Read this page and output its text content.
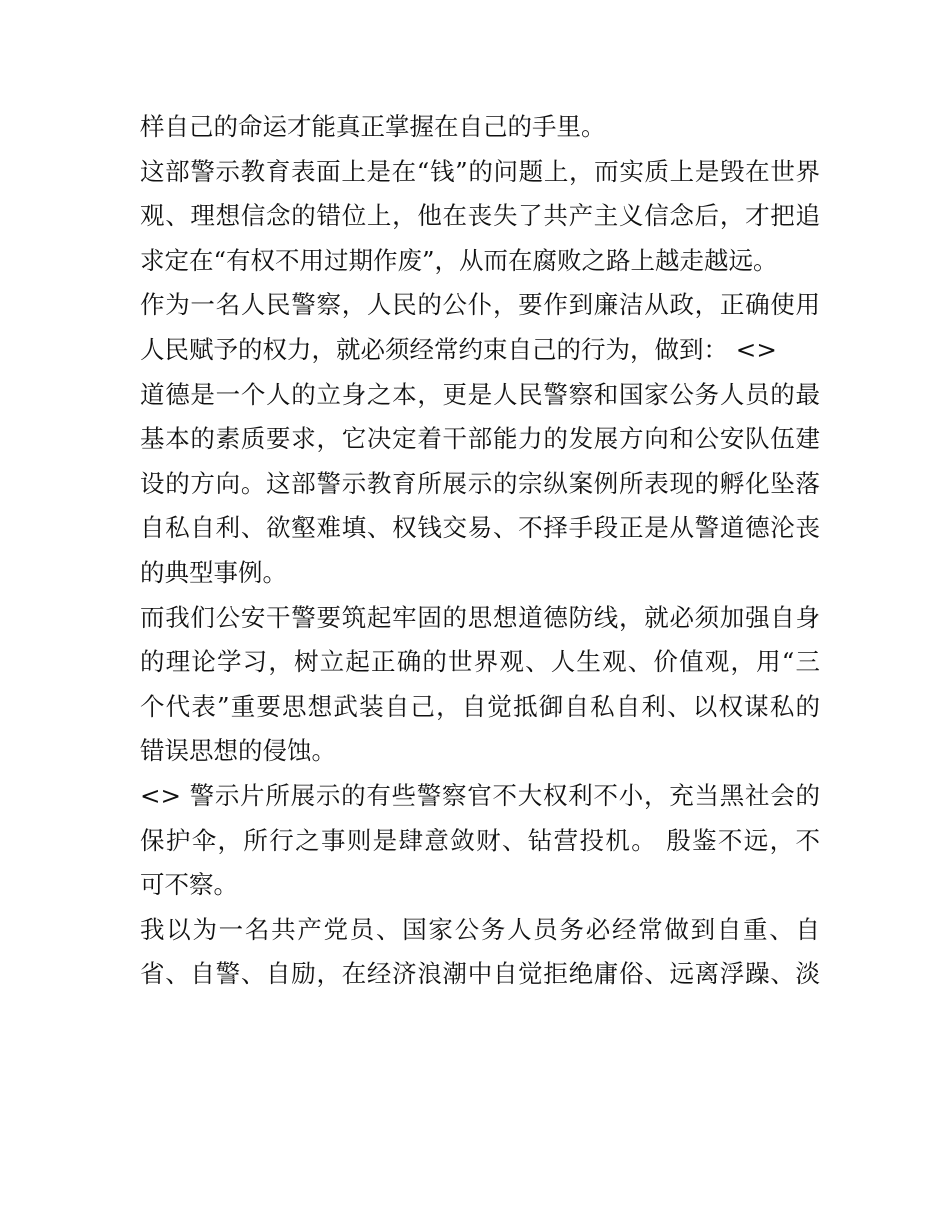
样自己的命运才能真正掌握在自己的手里。
这部警示教育表面上是在“钱”的问题上，而实质上是毁在世界
观、理想信念的错位上，他在丧失了共产主义信念后，才把追
求定在“有权不用过期作废”，从而在腐败之路上越走越远。
作为一名人民警察，人民的公仆，要作到廉洁从政，正确使用
人民赋予的权力，就必须经常约束自己的行为，做到： <>
道德是一个人的立身之本，更是人民警察和国家公务人员的最
基本的素质要求，它决定着干部能力的发展方向和公安队伍建
设的方向。这部警示教育所展示的宗纵案例所表现的孵化坠落
自私自利、欲壑难填、权钱交易、不择手段正是从警道德沦丧
的典型事例。
而我们公安干警要筑起牢固的思想道德防线，就必须加强自身
的理论学习，树立起正确的世界观、人生观、价值观，用“三
个代表”重要思想武装自己，自觉抵御自私自利、以权谋私的
错误思想的侵蚀。
<> 警示片所展示的有些警察官不大权利不小，充当黑社会的
保护伞，所行之事则是肆意敛财、钻营投机。 殷鉴不远，不
可不察。
我以为一名共产党员、国家公务人员务必经常做到自重、自
省、自警、自励，在经济浪潮中自觉拒绝庸俗、远离浮躁、淡
